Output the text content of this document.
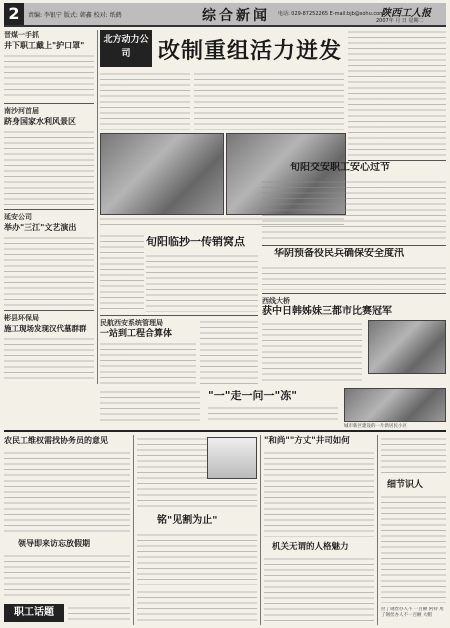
2	责编: 李银宁 版式: 韩鑫 校对: 纸鹤	综合新闻 电话: 029-87252265 E-mail:bjb@sohu.com
陕西工人报
2007年 月 日 星期二
晋煤一手抓
井下职工戴上"护口罩"
南沙河首届
跻身国家水利风景区
延安公司
举办"三江"文艺演出
彬县环保局
施工现场发现汉代墓群群
北方动力公司	改制重组活力迸发
旬阳交安职工安心过节
华阴预备役民兵确保安全度汛
西线大桥
获中日韩姊妹三都市比赛冠军
旬阳临抄一传销窝点
民航西安系统管理局
一站到工程合算体
"一"走一问一"冻"
城市新区建设的一片新居民小区
农民工维权需找协务员的意见
领导即来访忘放假期
职工话题
铭"见割为止"
"和尚""方丈"井司如何
机关无谓的人格魅力
细节识人
拉了钢丝办人不 一百额 阿特 用了钢丝办人不一百额 大帽
